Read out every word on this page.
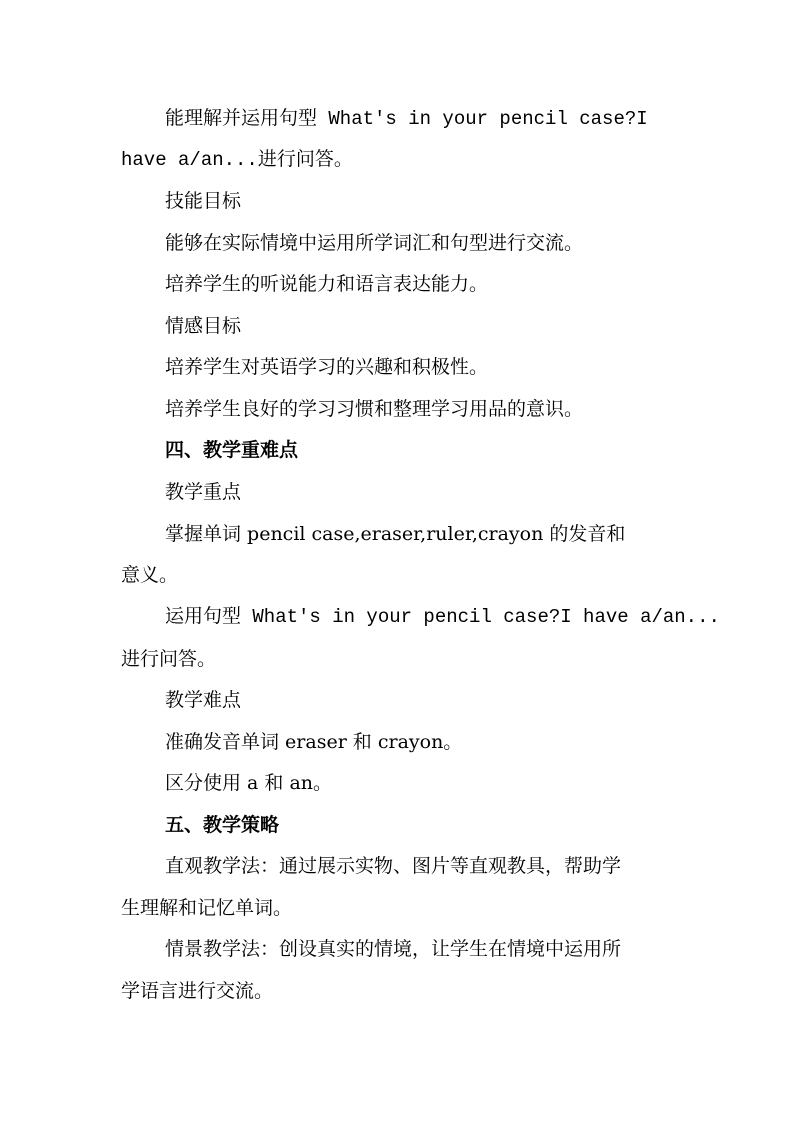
能理解并运用句型 What's in your pencil case?I
have a/an...进行问答。
技能目标
能够在实际情境中运用所学词汇和句型进行交流。
培养学生的听说能力和语言表达能力。
情感目标
培养学生对英语学习的兴趣和积极性。
培养学生良好的学习习惯和整理学习用品的意识。
四、教学重难点
教学重点
掌握单词 pencil case,eraser,ruler,crayon 的发音和
意义。
运用句型 What's in your pencil case?I have a/an...
进行问答。
教学难点
准确发音单词 eraser 和 crayon。
区分使用 a 和 an。
五、教学策略
直观教学法：通过展示实物、图片等直观教具，帮助学
生理解和记忆单词。
情景教学法：创设真实的情境，让学生在情境中运用所
学语言进行交流。
